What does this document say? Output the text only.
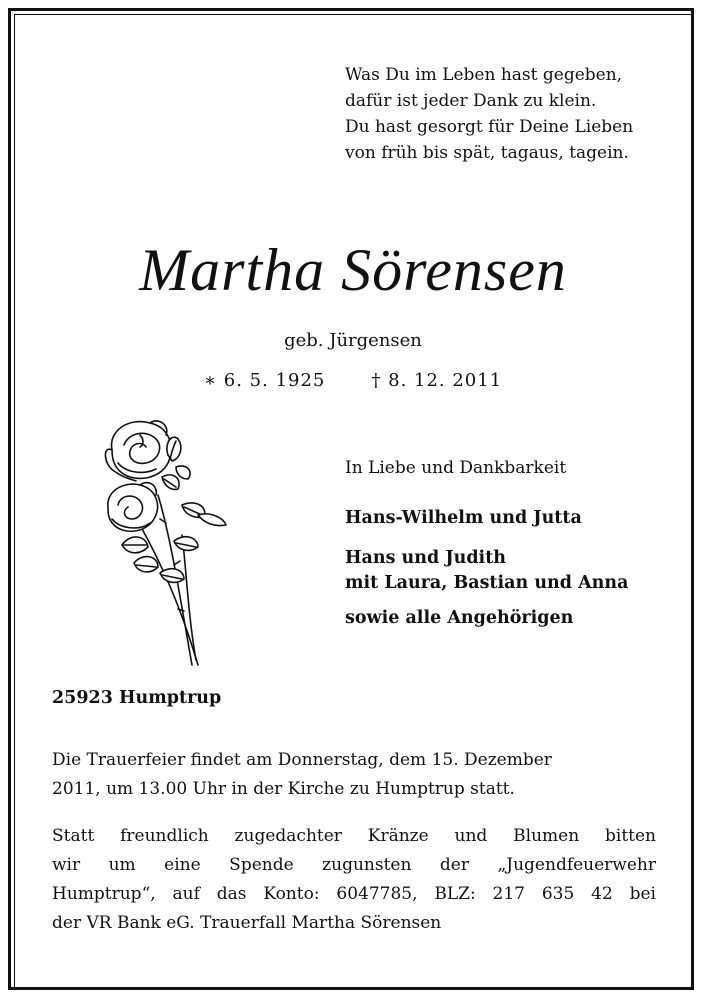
Was Du im Leben hast gegeben,
dafür ist jeder Dank zu klein.
Du hast gesorgt für Deine Lieben
von früh bis spät, tagaus, tagein.
Martha Sörensen
geb. Jürgensen
∗ 6. 5. 1925	† 8. 12. 2011
In Liebe und Dankbarkeit
Hans-Wilhelm und Jutta
Hans und Judith
mit Laura, Bastian und Anna
sowie alle Angehörigen
25923 Humptrup
Die Trauerfeier findet am Donnerstag, dem 15. Dezember
2011, um 13.00 Uhr in der Kirche zu Humptrup statt.
Statt freundlich zugedachter Kränze und Blumen bitten
wir um eine Spende zugunsten der „Jugendfeuerwehr
Humptrup“, auf das Konto: 6047785, BLZ: 217 635 42 bei
der VR Bank eG. Trauerfall Martha Sörensen
